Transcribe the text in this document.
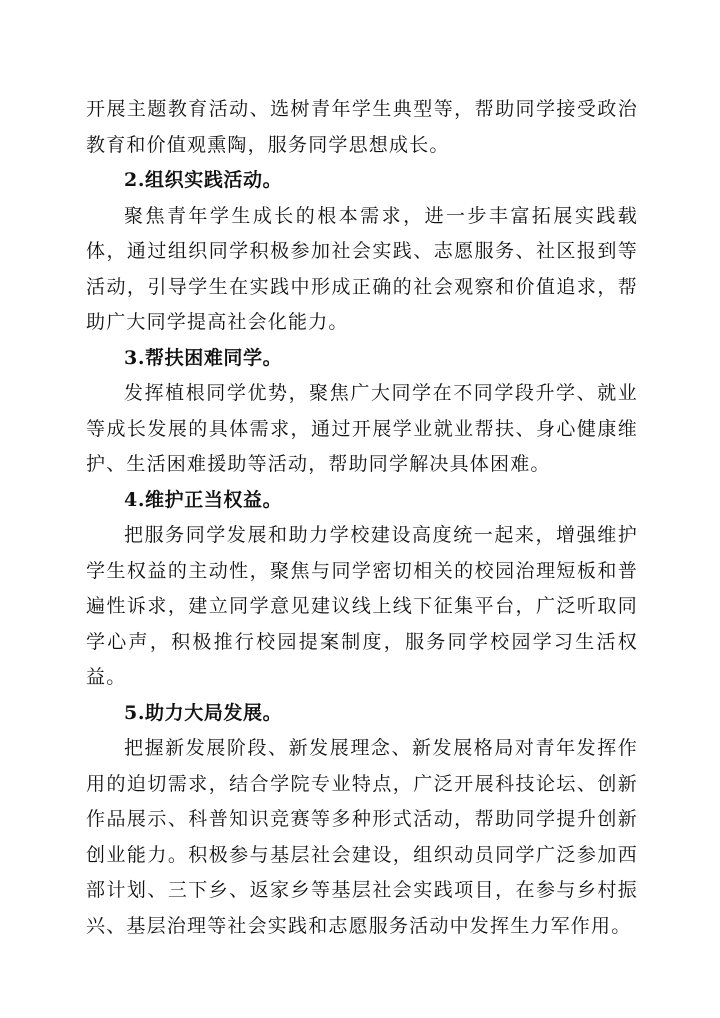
开展主题教育活动、选树青年学生典型等，帮助同学接受政治教育和价值观熏陶，服务同学思想成长。

2.组织实践活动。

聚焦青年学生成长的根本需求，进一步丰富拓展实践载体，通过组织同学积极参加社会实践、志愿服务、社区报到等活动，引导学生在实践中形成正确的社会观察和价值追求，帮助广大同学提高社会化能力。

3.帮扶困难同学。

发挥植根同学优势，聚焦广大同学在不同学段升学、就业等成长发展的具体需求，通过开展学业就业帮扶、身心健康维护、生活困难援助等活动，帮助同学解决具体困难。

4.维护正当权益。

把服务同学发展和助力学校建设高度统一起来，增强维护学生权益的主动性，聚焦与同学密切相关的校园治理短板和普遍性诉求，建立同学意见建议线上线下征集平台，广泛听取同学心声，积极推行校园提案制度，服务同学校园学习生活权益。

5.助力大局发展。

把握新发展阶段、新发展理念、新发展格局对青年发挥作用的迫切需求，结合学院专业特点，广泛开展科技论坛、创新作品展示、科普知识竞赛等多种形式活动，帮助同学提升创新创业能力。积极参与基层社会建设，组织动员同学广泛参加西部计划、三下乡、返家乡等基层社会实践项目，在参与乡村振兴、基层治理等社会实践和志愿服务活动中发挥生力军作用。
